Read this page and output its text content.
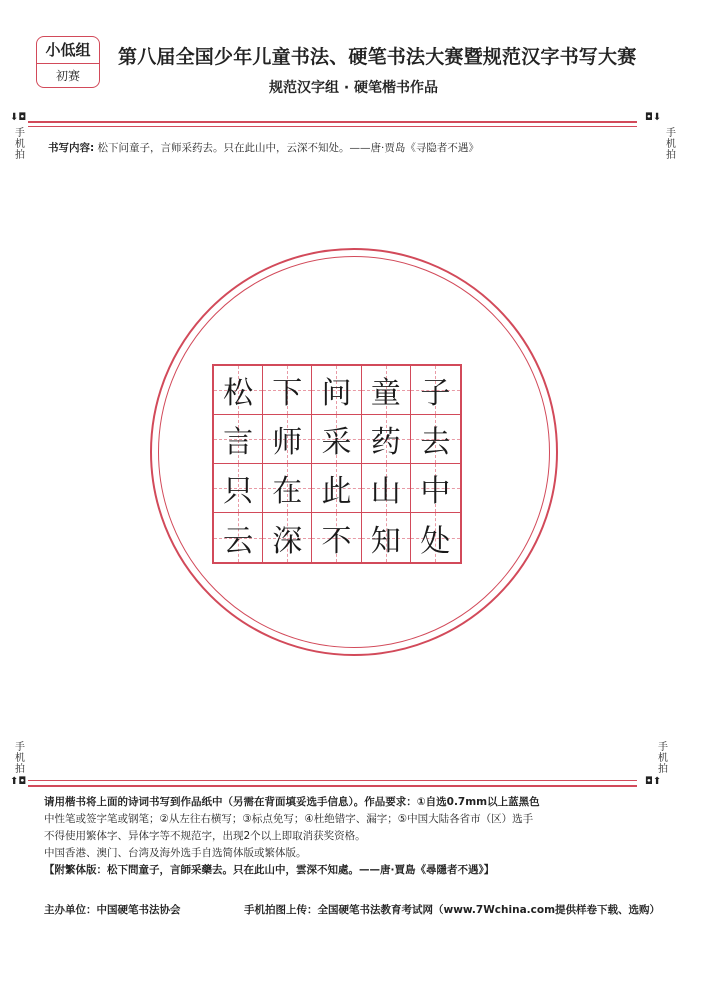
小低组
初赛
第八届全国少年儿童书法、硬笔书法大赛暨规范汉字书写大赛
规范汉字组 · 硬笔楷书作品
⬇◘
手
机
拍
◘⬇
手
机
拍
书写内容: 松下问童子，言师采药去。只在此山中，云深不知处。——唐·贾岛《寻隐者不遇》
松 下 问 童 子
言 师 采 药 去
只 在 此 山 中
云 深 不 知 处
手
机
拍
⬆◘
手
机
拍
◘⬆

请用楷书将上面的诗词书写到作品纸中（另需在背面填妥选手信息）。作品要求：①自选0.7mm以上蓝黑色

中性笔或签字笔或钢笔；②从左往右横写；③标点免写；④杜绝错字、漏字；⑤中国大陆各省市（区）选手

不得使用繁体字、异体字等不规范字，出现2个以上即取消获奖资格。

中国香港、澳门、台湾及海外选手自选简体版或繁体版。

【附繁体版：松下問童子，言師采藥去。只在此山中，雲深不知處。——唐·賈島《尋隱者不遇》】

主办单位：中国硬笔书法协会	手机拍图上传：全国硬笔书法教育考试网（www.7Wchina.com提供样卷下载、选购）
